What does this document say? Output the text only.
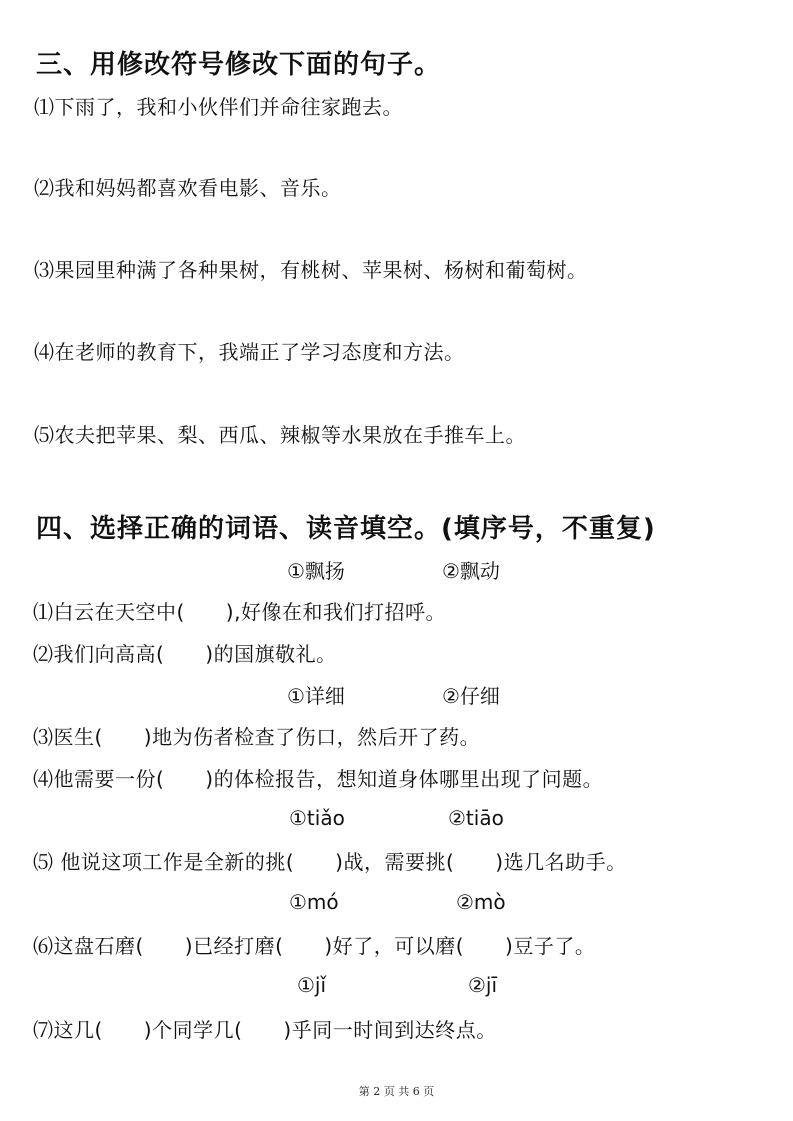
三、用修改符号修改下面的句子。
⑴下雨了，我和小伙伴们并命往家跑去。
⑵我和妈妈都喜欢看电影、音乐。
⑶果园里种满了各种果树，有桃树、苹果树、杨树和葡萄树。
⑷在老师的教育下，我端正了学习态度和方法。
⑸农夫把苹果、梨、西瓜、辣椒等水果放在手推车上。
四、选择正确的词语、读音填空。(填序号，不重复)
①飘扬	②飘动
⑴白云在天空中(　　),好像在和我们打招呼。
⑵我们向高高(　　)的国旗敬礼。
①详细	②仔细
⑶医生(　　)地为伤者检查了伤口，然后开了药。
⑷他需要一份(　　)的体检报告，想知道身体哪里出现了问题。
①tiǎo	②tiāo
⑸ 他说这项工作是全新的挑(　　)战，需要挑(　　)选几名助手。
①mó	②mò
⑹这盘石磨(　　)已经打磨(　　)好了，可以磨(　　)豆子了。
①jǐ	②jī
⑺这几(　　)个同学几(　　)乎同一时间到达终点。
第 2 页 共 6 页
